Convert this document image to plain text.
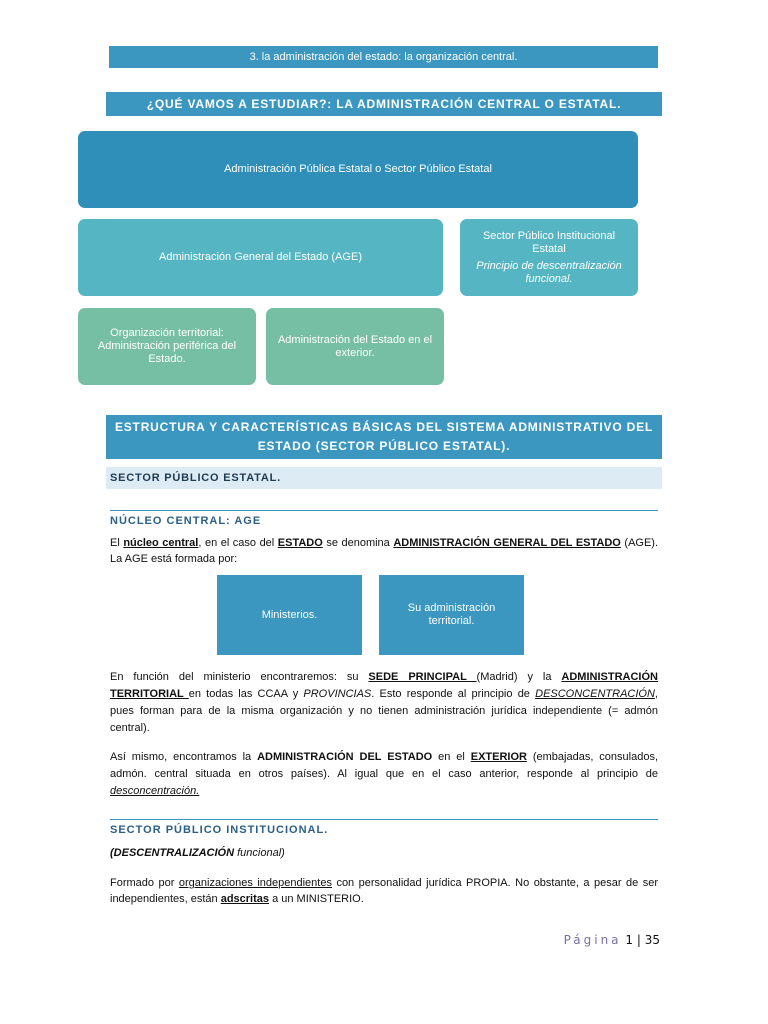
3. la administración del estado: la organización central.
¿QUÉ VAMOS A ESTUDIAR?: LA ADMINISTRACIÓN CENTRAL O ESTATAL.
Administración Pública Estatal o Sector Público Estatal
Administración General del Estado (AGE)
Sector Público Institucional Estatal
Principio de descentralización funcional.
Organización territorial: Administración periférica del Estado.
Administración del Estado en el exterior.
ESTRUCTURA Y CARACTERÍSTICAS BÁSICAS DEL SISTEMA ADMINISTRATIVO DEL ESTADO (SECTOR PÚBLICO ESTATAL).
SECTOR PÚBLICO ESTATAL.
NÚCLEO CENTRAL: AGE
El núcleo central, en el caso del ESTADO se denomina ADMINISTRACIÓN GENERAL DEL ESTADO (AGE). La AGE está formada por:
Ministerios.
Su administración territorial.
En función del ministerio encontraremos: su SEDE PRINCIPAL (Madrid) y la ADMINISTRACIÓN TERRITORIAL en todas las CCAA y PROVINCIAS. Esto responde al principio de DESCONCENTRACIÓN, pues forman para de la misma organización y no tienen administración jurídica independiente (= admón central).
Así mismo, encontramos la ADMINISTRACIÓN DEL ESTADO en el EXTERIOR (embajadas, consulados, admón. central situada en otros países). Al igual que en el caso anterior, responde al principio de desconcentración.
SECTOR PÚBLICO INSTITUCIONAL.
(DESCENTRALIZACIÓN funcional)
Formado por organizaciones independientes con personalidad jurídica PROPIA. No obstante, a pesar de ser independientes, están adscritas a un MINISTERIO.
Página 1 | 35
